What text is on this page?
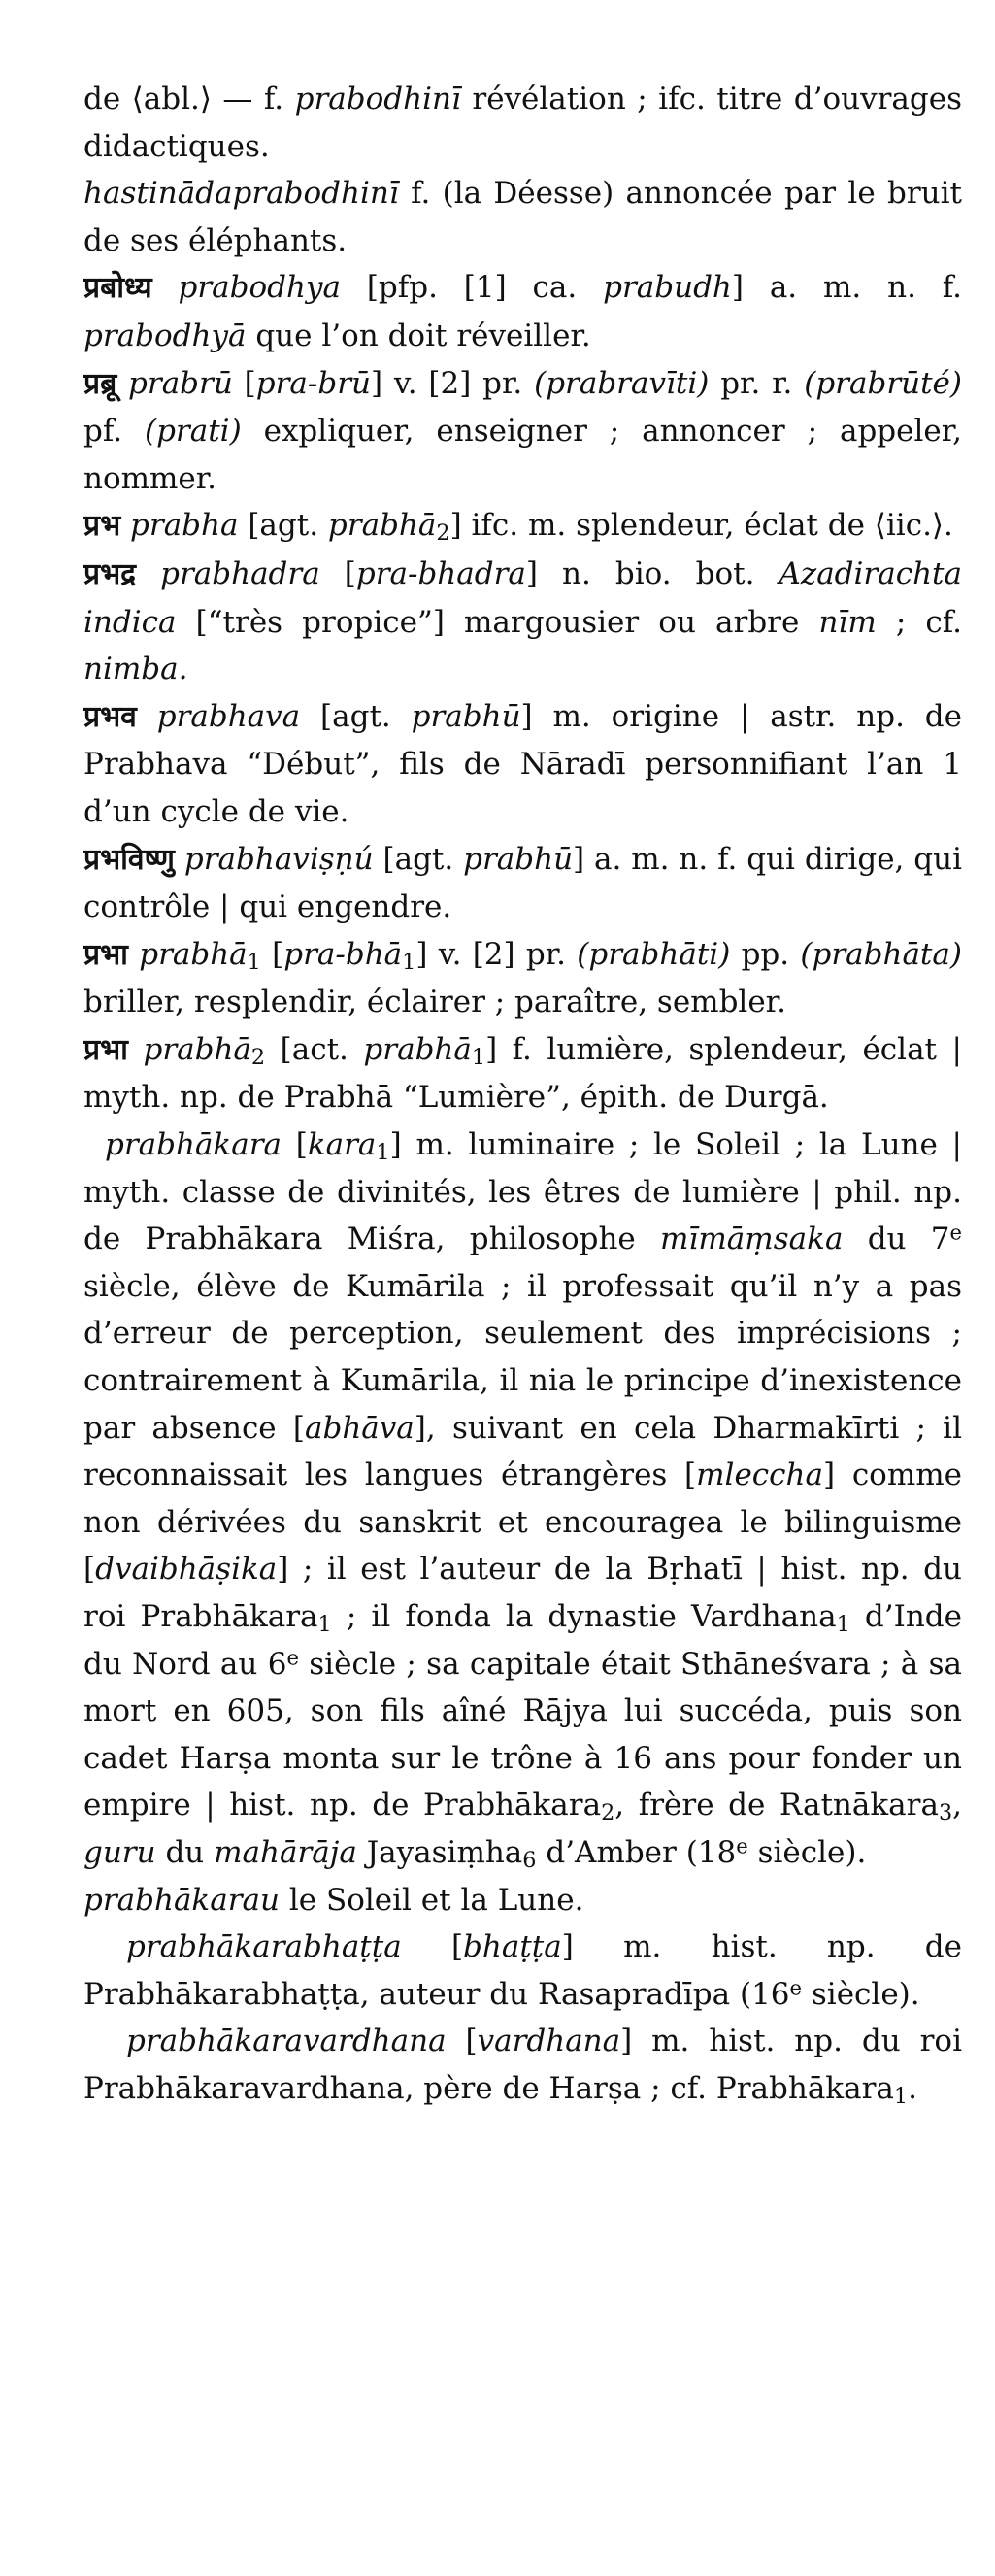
de ⟨abl.⟩ — f. prabodhinī révélation ; ifc. titre d’ouvrages didactiques.

hastinādaprabodhinī f. (la Déesse) annoncée par le bruit de ses éléphants.

प्रबोध्य prabodhya [pfp. [1] ca. prabudh] a. m. n. f. prabodhyā que l’on doit réveiller.

प्रब्रू prabrū [pra-brū] v. [2] pr. (prabravīti) pr. r. (prabrūté) pf. (prati) expliquer, enseigner ; annoncer ; appeler, nommer.

प्रभ prabha [agt. prabhā$_2$] ifc. m. splendeur, éclat de ⟨iic.⟩.

प्रभद्र prabhadra [pra-bhadra] n. bio. bot. Azadirachta indica [“très propice”] margousier ou arbre nīm ; cf. nimba.

प्रभव prabhava [agt. prabhū] m. origine | astr. np. de Prabhava “Début”, fils de Nāradī personnifiant l’an 1 d’un cycle de vie.

प्रभविष्णु prabhaviṣṇú [agt. prabhū] a. m. n. f. qui dirige, qui contrôle | qui engendre.

प्रभा prabhā$_1$ [pra-bhā$_1$] v. [2] pr. (prabhāti) pp. (prabhāta) briller, resplendir, éclairer ; paraître, sembler.

प्रभा prabhā$_2$ [act. prabhā$_1$] f. lumière, splendeur, éclat | myth. np. de Prabhā “Lumière”, épith. de Durgā.

prabhākara [kara$_1$] m. luminaire ; le Soleil ; la Lune | myth. classe de divinités, les êtres de lumière | phil. np. de Prabhākara Miśra, philosophe mīmāṃsaka du 7e siècle, élève de Kumārila ; il professait qu’il n’y a pas d’erreur de perception, seulement des imprécisions ; contrairement à Kumārila, il nia le principe d’inexistence par absence [abhāva], suivant en cela Dharmakīrti ; il reconnaissait les langues étrangères [mleccha] comme non dérivées du sanskrit et encouragea le bilinguisme [dvaibhāṣika] ; il est l’auteur de la Bṛhatī | hist. np. du roi Prabhākara$_1$ ; il fonda la dynastie Vardhana$_1$ d’Inde du Nord au 6e siècle ; sa capitale était Sthāneśvara ; à sa mort en 605, son fils aîné Rājya lui succéda, puis son cadet Harṣa monta sur le trône à 16 ans pour fonder un empire | hist. np. de Prabhākara$_2$, frère de Ratnākara$_3$, guru du mahārāja Jayasiṃha$_6$ d’Amber (18e siècle).

prabhākarau le Soleil et la Lune.

prabhākarabhaṭṭa [bhaṭṭa] m. hist. np. de Prabhākarabhaṭṭa, auteur du Rasapradīpa (16e siècle).

prabhākaravardhana [vardhana] m. hist. np. du roi Prabhākaravardhana, père de Harṣa ; cf. Prabhākara$_1$.
